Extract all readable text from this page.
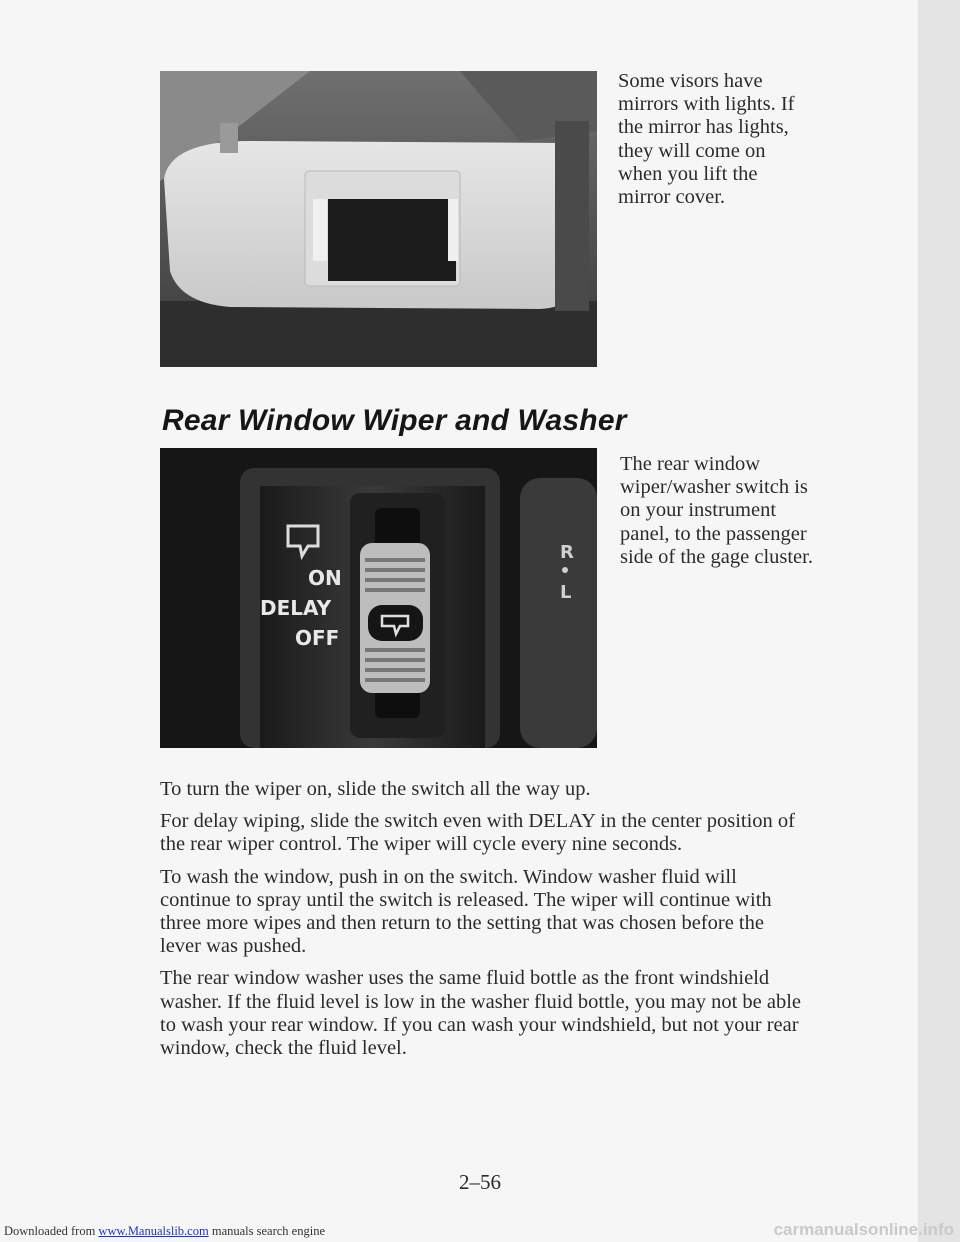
Some visors have mirrors with lights. If the mirror has lights, they will come on when you lift the mirror cover.
Rear Window Wiper and Washer
ON
DELAY
OFF
R
L
The rear window wiper/washer switch is on your instrument panel, to the passenger side of the gage cluster.

To turn the wiper on, slide the switch all the way up.

For delay wiping, slide the switch even with DELAY in the center position of the rear wiper control. The wiper will cycle every nine seconds.

To wash the window, push in on the switch. Window washer fluid will continue to spray until the switch is released. The wiper will continue with three more wipes and then return to the setting that was chosen before the lever was pushed.

The rear window washer uses the same fluid bottle as the front windshield washer. If the fluid level is low in the washer fluid bottle, you may not be able to wash your rear window. If you can wash your windshield, but not your rear window, check the fluid level.

2–56

Downloaded from www.Manualslib.com manuals search engine	carmanualsonline.info
